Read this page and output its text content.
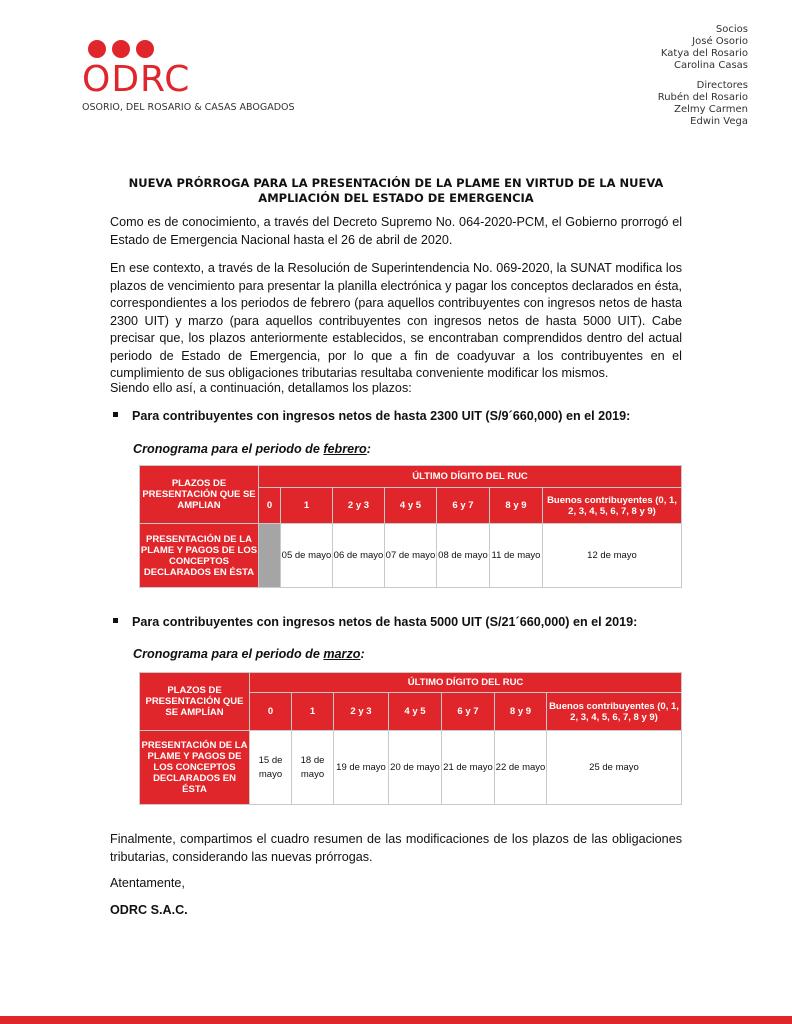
ODRC
OSORIO, DEL ROSARIO & CASAS ABOGADOS
Socios
José Osorio
Katya del Rosario
Carolina Casas
Directores
Rubén del Rosario
Zelmy Carmen
Edwin Vega
NUEVA PRÓRROGA PARA LA PRESENTACIÓN DE LA PLAME EN VIRTUD DE LA NUEVA
AMPLIACIÓN DEL ESTADO DE EMERGENCIA
Como es de conocimiento, a través del Decreto Supremo No. 064-2020-PCM, el Gobierno prorrogó el Estado de Emergencia Nacional hasta el 26 de abril de 2020.
En ese contexto, a través de la Resolución de Superintendencia No. 069-2020, la SUNAT modifica los plazos de vencimiento para presentar la planilla electrónica y pagar los conceptos declarados en ésta, correspondientes a los periodos de febrero (para aquellos contribuyentes con ingresos netos de hasta 2300 UIT) y marzo (para aquellos contribuyentes con ingresos netos de hasta 5000 UIT). Cabe precisar que, los plazos anteriormente establecidos, se encontraban comprendidos dentro del actual periodo de Estado de Emergencia, por lo que a fin de coadyuvar a los contribuyentes en el cumplimiento de sus obligaciones tributarias resultaba conveniente modificar los mismos.
Siendo ello así, a continuación, detallamos los plazos:
Para contribuyentes con ingresos netos de hasta 2300 UIT (S/9´660,000) en el 2019:
Cronograma para el periodo de febrero:
PLAZOS DE PRESENTACIÓN QUE SE AMPLIAN	ÚLTIMO DÍGITO DEL RUC						
	0	1	2 y 3	4 y 5	6 y 7	8 y 9	Buenos contribuyentes (0, 1, 2, 3, 4, 5, 6, 7, 8 y 9)
PRESENTACIÓN DE LA PLAME Y PAGOS DE LOS CONCEPTOS DECLARADOS EN ÉSTA		05 de mayo	06 de mayo	07 de mayo	08 de mayo	11 de mayo	12 de mayo
Para contribuyentes con ingresos netos de hasta 5000 UIT (S/21´660,000) en el 2019:
Cronograma para el periodo de marzo:
PLAZOS DE PRESENTACIÓN QUE SE AMPLÍAN	ÚLTIMO DÍGITO DEL RUC						
	0	1	2 y 3	4 y 5	6 y 7	8 y 9	Buenos contribuyentes (0, 1, 2, 3, 4, 5, 6, 7, 8 y 9)
PRESENTACIÓN DE LA PLAME Y PAGOS DE LOS CONCEPTOS DECLARADOS EN ÉSTA	15 de mayo	18 de mayo	19 de mayo	20 de mayo	21 de mayo	22 de mayo	25 de mayo
Finalmente, compartimos el cuadro resumen de las modificaciones de los plazos de las obligaciones tributarias, considerando las nuevas prórrogas.
Atentamente,
ODRC S.A.C.
